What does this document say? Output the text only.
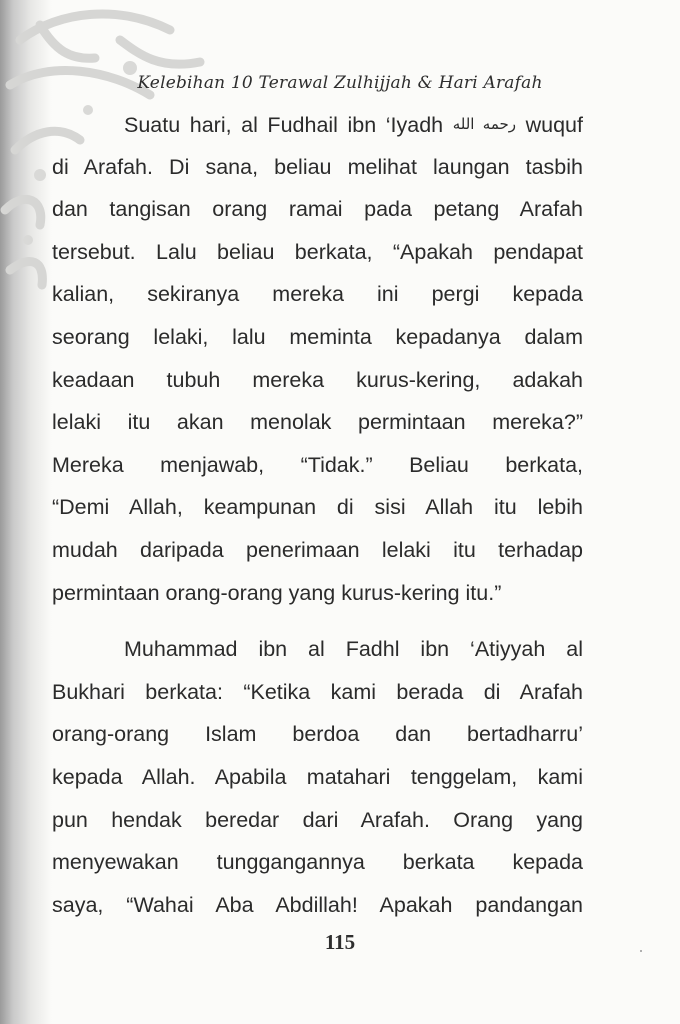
Kelebihan 10 Terawal Zulhijjah & Hari Arafah

Suatu hari, al Fudhail ibn ‘Iyadh رحمه الله wuquf
di Arafah. Di sana, beliau melihat laungan tasbih
dan tangisan orang ramai pada petang Arafah
tersebut. Lalu beliau berkata, “Apakah pendapat
kalian, sekiranya mereka ini pergi kepada
seorang lelaki, lalu meminta kepadanya dalam
keadaan tubuh mereka kurus-kering, adakah
lelaki itu akan menolak permintaan mereka?”
Mereka menjawab, “Tidak.” Beliau berkata,
“Demi Allah, keampunan di sisi Allah itu lebih
mudah daripada penerimaan lelaki itu terhadap
permintaan orang-orang yang kurus-kering itu.”

Muhammad ibn al Fadhl ibn ‘Atiyyah al
Bukhari berkata: “Ketika kami berada di Arafah
orang-orang Islam berdoa dan bertadharru’
kepada Allah. Apabila matahari tenggelam, kami
pun hendak beredar dari Arafah. Orang yang
menyewakan tunggangannya berkata kepada
saya, “Wahai Aba Abdillah! Apakah pandangan

115
